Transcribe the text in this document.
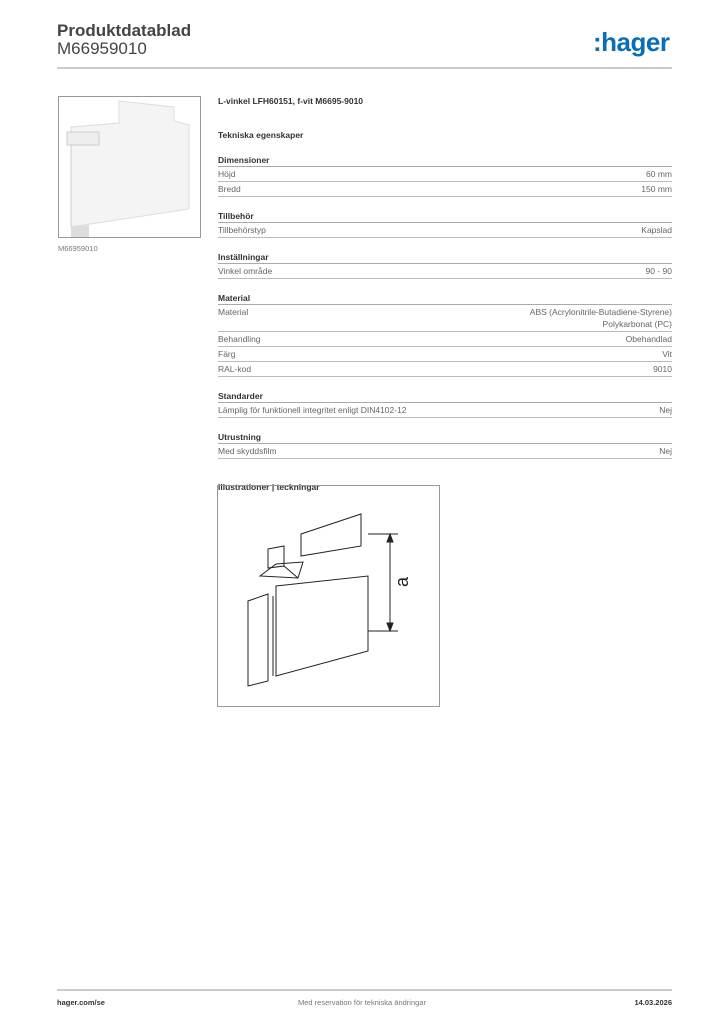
Produktdatablad
M66959010	:hager
M66959010
L-vinkel LFH60151, f-vit M6695-9010
Tekniska egenskaper
Dimensioner
Höjd	60 mm
Bredd	150 mm
Tillbehör
Tillbehörstyp	Kapslad
Inställningar
Vinkel område	90 - 90
Material
Material	ABS (Acrylonitrile-Butadiene-Styrene)
Polykarbonat (PC)
Behandling	Obehandlad
Färg	Vit
RAL-kod	9010
Standarder
Lämplig för funktionell integritet enligt DIN4102-12	Nej
Utrustning
Med skyddsfilm	Nej
Illustrationer | teckningar
a
hager.com/se	Med reservation för tekniska ändringar	14.03.2026
